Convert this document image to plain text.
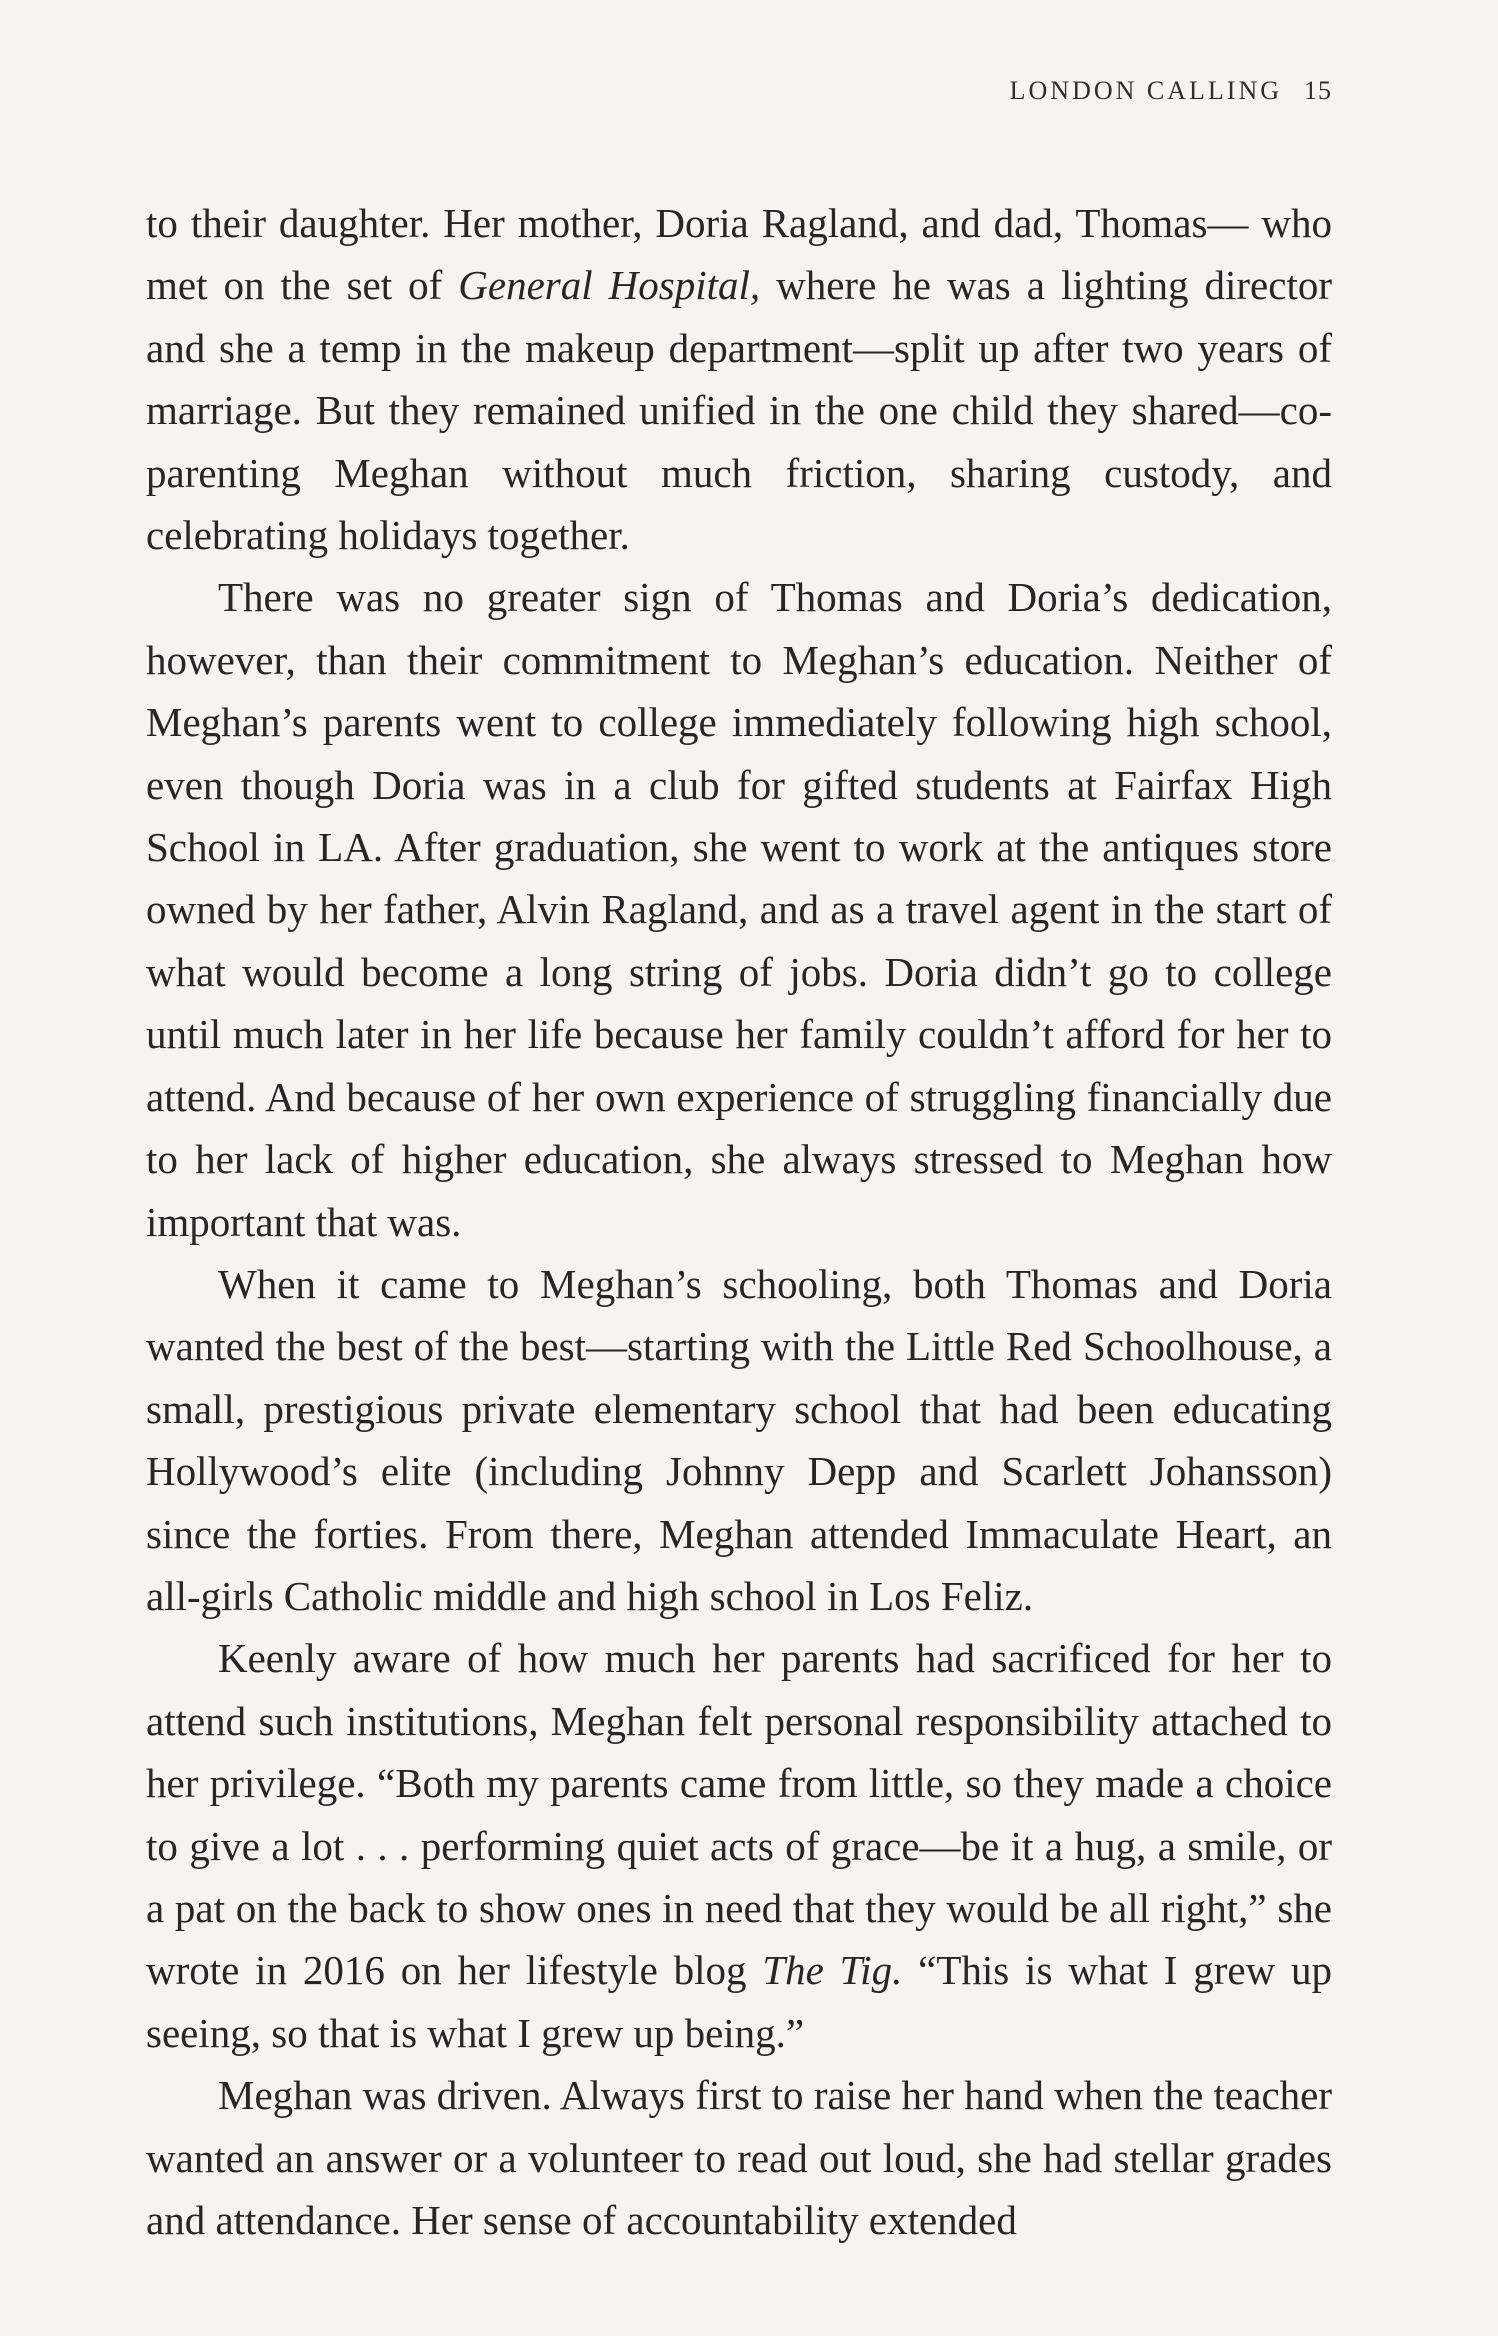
LONDON CALLING 15

to their daughter. Her mother, Doria Ragland, and dad, Thomas— who met on the set of General Hospital, where he was a lighting director and she a temp in the makeup department—split up after two years of marriage. But they remained unified in the one child they shared—co-parenting Meghan without much friction, sharing custody, and celebrating holidays together.

There was no greater sign of Thomas and Doria’s dedication, however, than their commitment to Meghan’s education. Neither of Meghan’s parents went to college immediately following high school, even though Doria was in a club for gifted students at Fairfax High School in LA. After graduation, she went to work at the antiques store owned by her father, Alvin Ragland, and as a travel agent in the start of what would become a long string of jobs. Doria didn’t go to college until much later in her life because her family couldn’t afford for her to attend. And because of her own experience of struggling financially due to her lack of higher education, she always stressed to Meghan how important that was.

When it came to Meghan’s schooling, both Thomas and Doria wanted the best of the best—starting with the Little Red Schoolhouse, a small, prestigious private elementary school that had been educating Hollywood’s elite (including Johnny Depp and Scarlett Johansson) since the forties. From there, Meghan attended Immaculate Heart, an all-girls Catholic middle and high school in Los Feliz.

Keenly aware of how much her parents had sacrificed for her to attend such institutions, Meghan felt personal responsibility attached to her privilege. “Both my parents came from little, so they made a choice to give a lot . . . performing quiet acts of grace—be it a hug, a smile, or a pat on the back to show ones in need that they would be all right,” she wrote in 2016 on her lifestyle blog The Tig. “This is what I grew up seeing, so that is what I grew up being.”

Meghan was driven. Always first to raise her hand when the teacher wanted an answer or a volunteer to read out loud, she had stellar grades and attendance. Her sense of accountability extended
